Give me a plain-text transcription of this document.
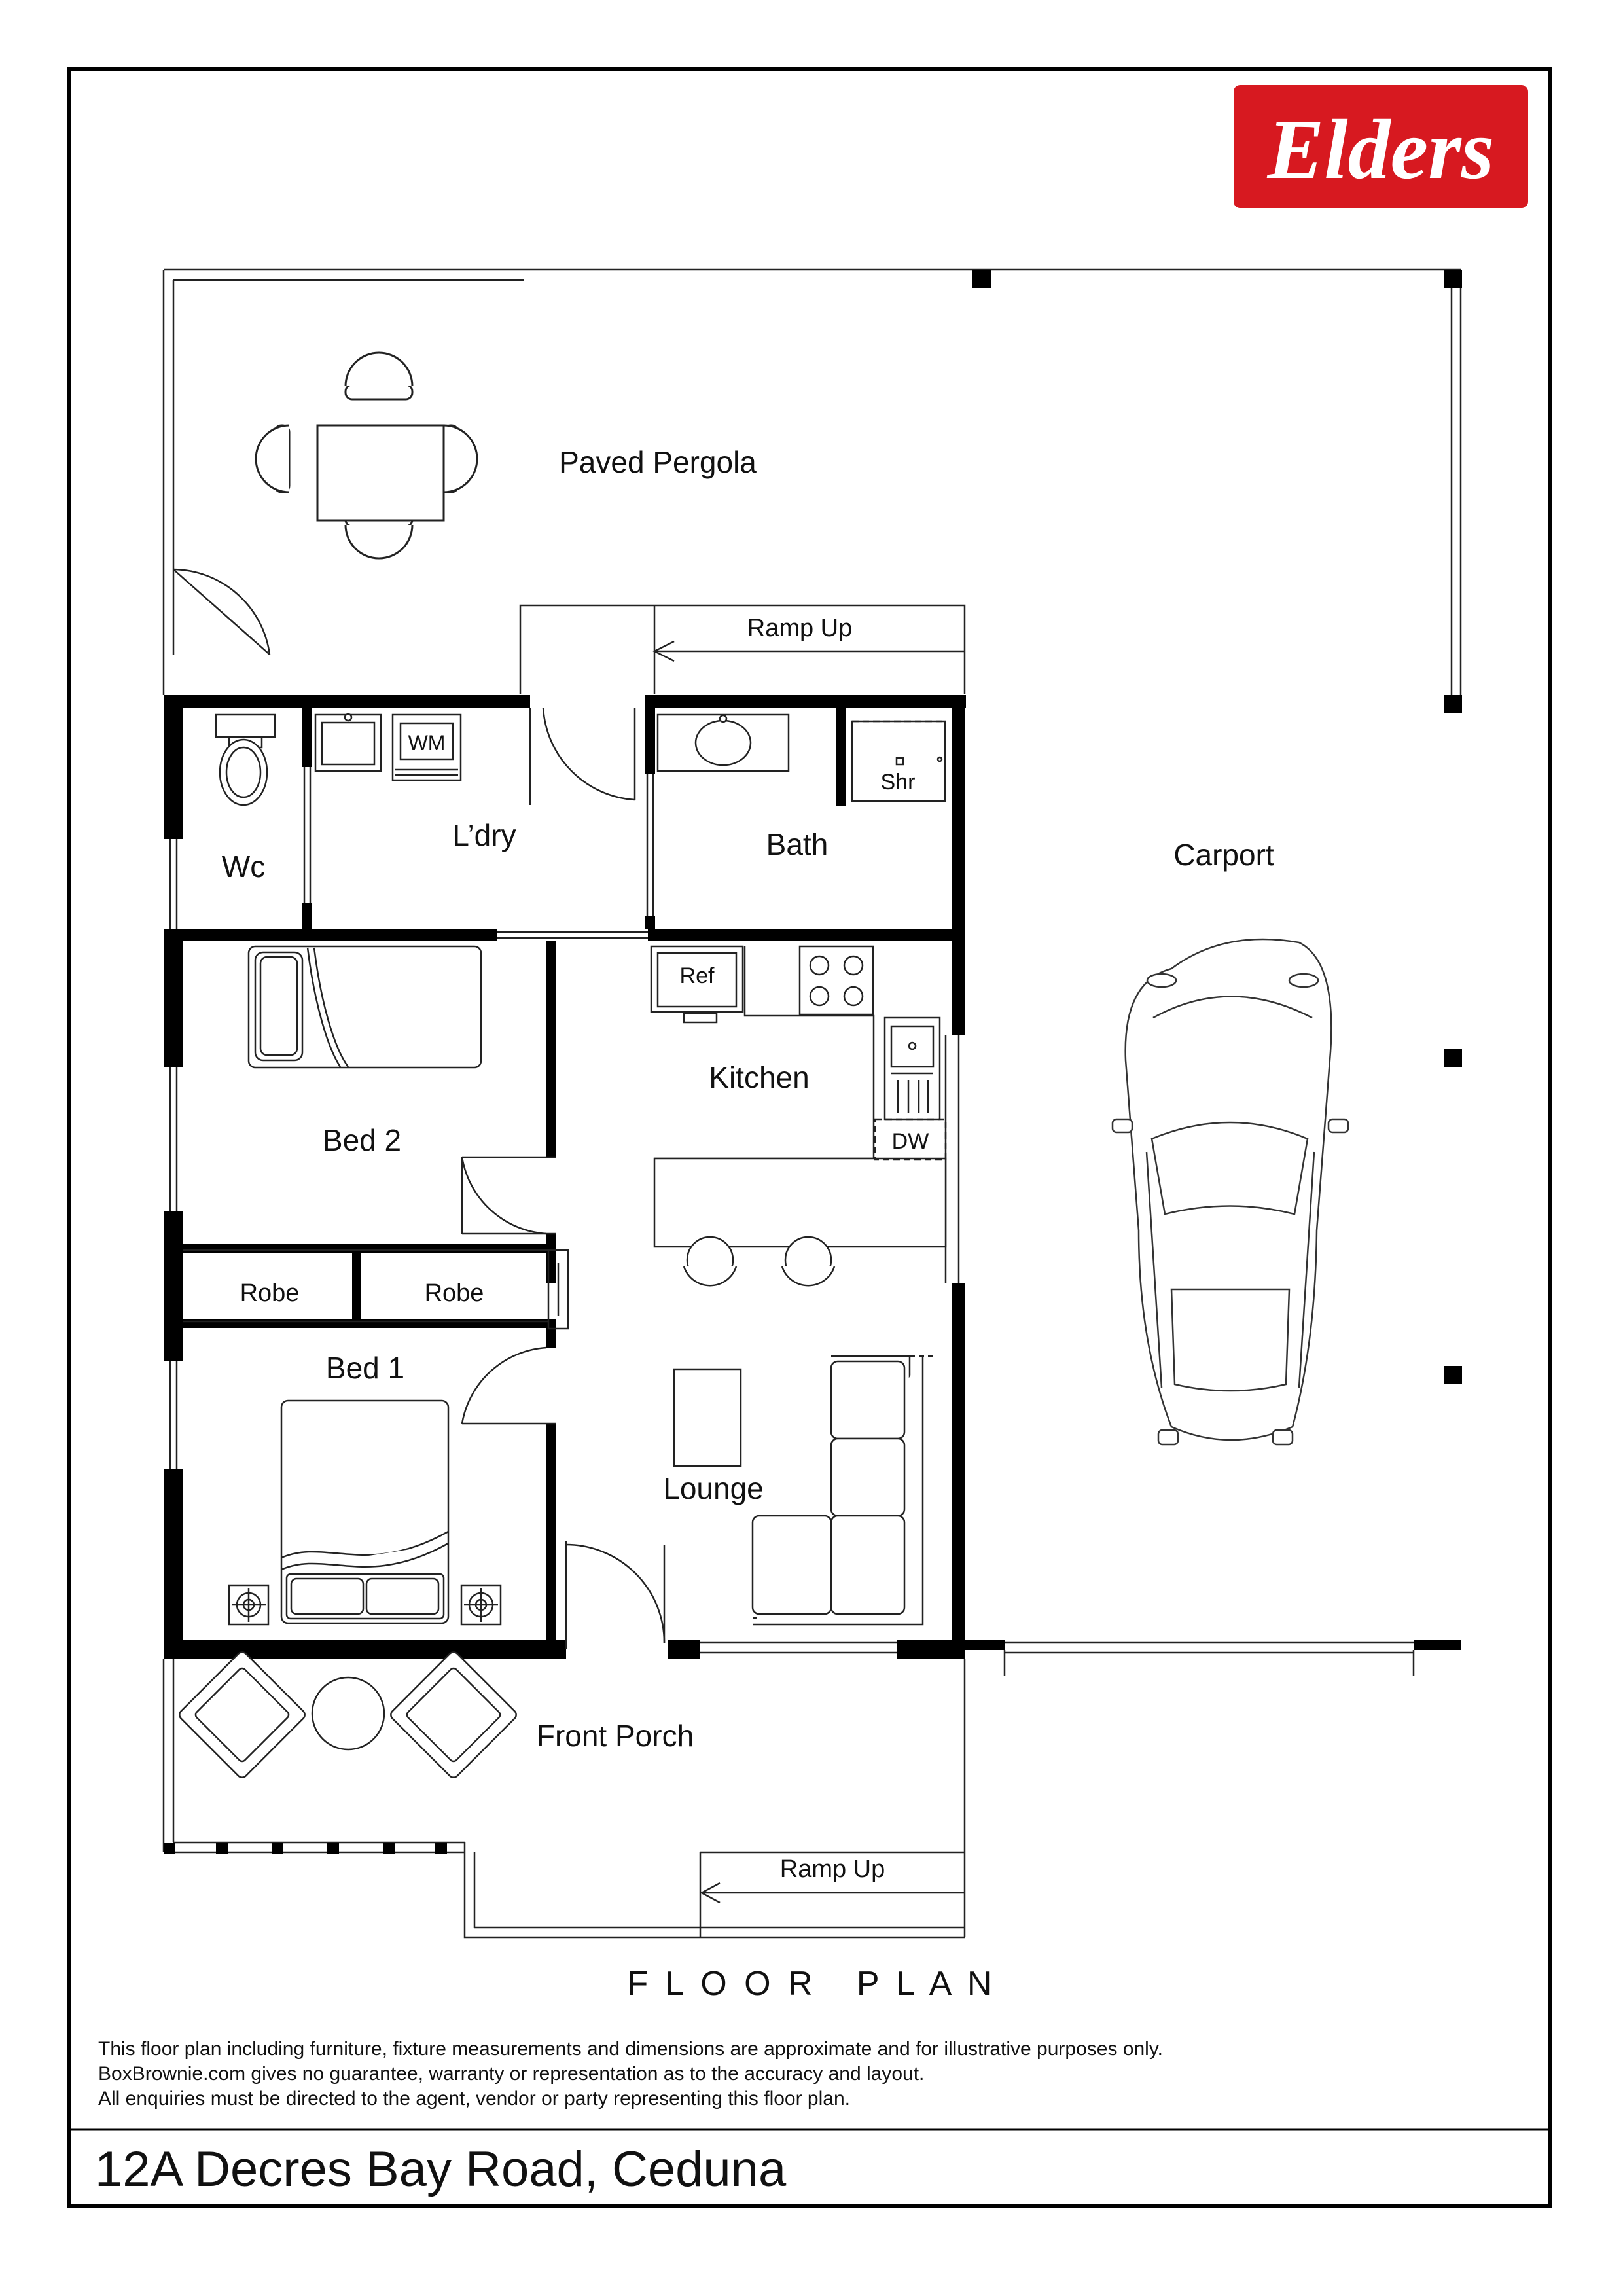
Elders
Paved Pergola
Ramp Up
Wc
WM
L’dry
Shr
Bath
Bed 2
Robe	Robe
Bed 1
Ref
DW
Kitchen
Lounge
Carport
Front Porch
Ramp Up
F L O O R   P L A N
This floor plan including furniture, fixture measurements and dimensions are approximate and for illustrative purposes only.
BoxBrownie.com gives no guarantee, warranty or representation as to the accuracy and layout.
All enquiries must be directed to the agent, vendor or party representing this floor plan.
12A Decres Bay Road, Ceduna
